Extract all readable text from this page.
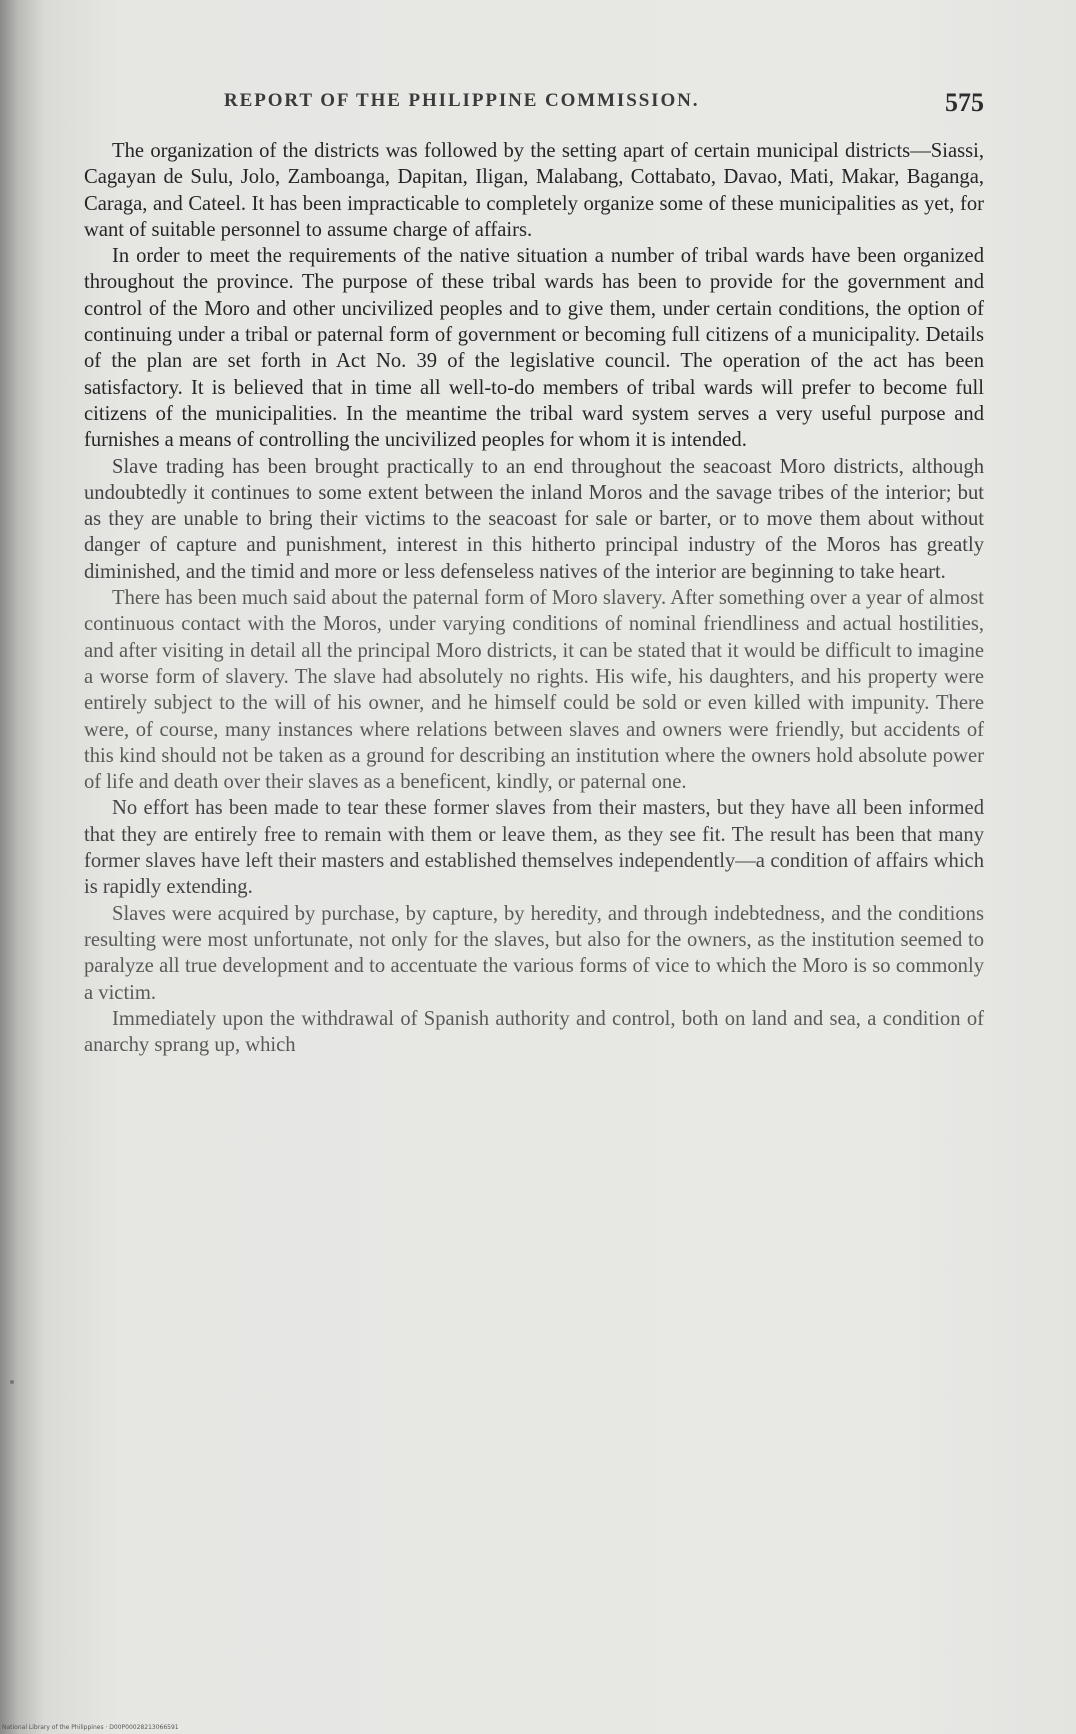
REPORT OF THE PHILIPPINE COMMISSION.	575

The organization of the districts was followed by the setting apart of certain municipal districts—Siassi, Cagayan de Sulu, Jolo, Zamboanga, Dapitan, Iligan, Malabang, Cottabato, Davao, Mati, Makar, Baganga, Caraga, and Cateel. It has been impracticable to completely organize some of these municipalities as yet, for want of suitable personnel to assume charge of affairs.

In order to meet the requirements of the native situation a number of tribal wards have been organized throughout the province. The purpose of these tribal wards has been to provide for the government and control of the Moro and other uncivilized peoples and to give them, under certain conditions, the option of continuing under a tribal or paternal form of government or becoming full citizens of a municipality. Details of the plan are set forth in Act No. 39 of the legislative council. The operation of the act has been satisfactory. It is believed that in time all well-to-do members of tribal wards will prefer to become full citizens of the municipalities. In the meantime the tribal ward system serves a very useful purpose and furnishes a means of controlling the uncivilized peoples for whom it is intended.

Slave trading has been brought practically to an end throughout the seacoast Moro districts, although undoubtedly it continues to some extent between the inland Moros and the savage tribes of the interior; but as they are unable to bring their victims to the seacoast for sale or barter, or to move them about without danger of capture and punishment, interest in this hitherto principal industry of the Moros has greatly diminished, and the timid and more or less defenseless natives of the interior are beginning to take heart.

There has been much said about the paternal form of Moro slavery. After something over a year of almost continuous contact with the Moros, under varying conditions of nominal friendliness and actual hostilities, and after visiting in detail all the principal Moro districts, it can be stated that it would be difficult to imagine a worse form of slavery. The slave had absolutely no rights. His wife, his daughters, and his property were entirely subject to the will of his owner, and he himself could be sold or even killed with impunity. There were, of course, many instances where relations between slaves and owners were friendly, but accidents of this kind should not be taken as a ground for describing an institution where the owners hold absolute power of life and death over their slaves as a beneficent, kindly, or paternal one.

No effort has been made to tear these former slaves from their masters, but they have all been informed that they are entirely free to remain with them or leave them, as they see fit. The result has been that many former slaves have left their masters and established themselves independently—a condition of affairs which is rapidly extending.

Slaves were acquired by purchase, by capture, by heredity, and through indebtedness, and the conditions resulting were most unfortunate, not only for the slaves, but also for the owners, as the institution seemed to paralyze all true development and to accentuate the various forms of vice to which the Moro is so commonly a victim.

Immediately upon the withdrawal of Spanish authority and control, both on land and sea, a condition of anarchy sprang up, which

National Library of the Philippines · D00P00028213066591
